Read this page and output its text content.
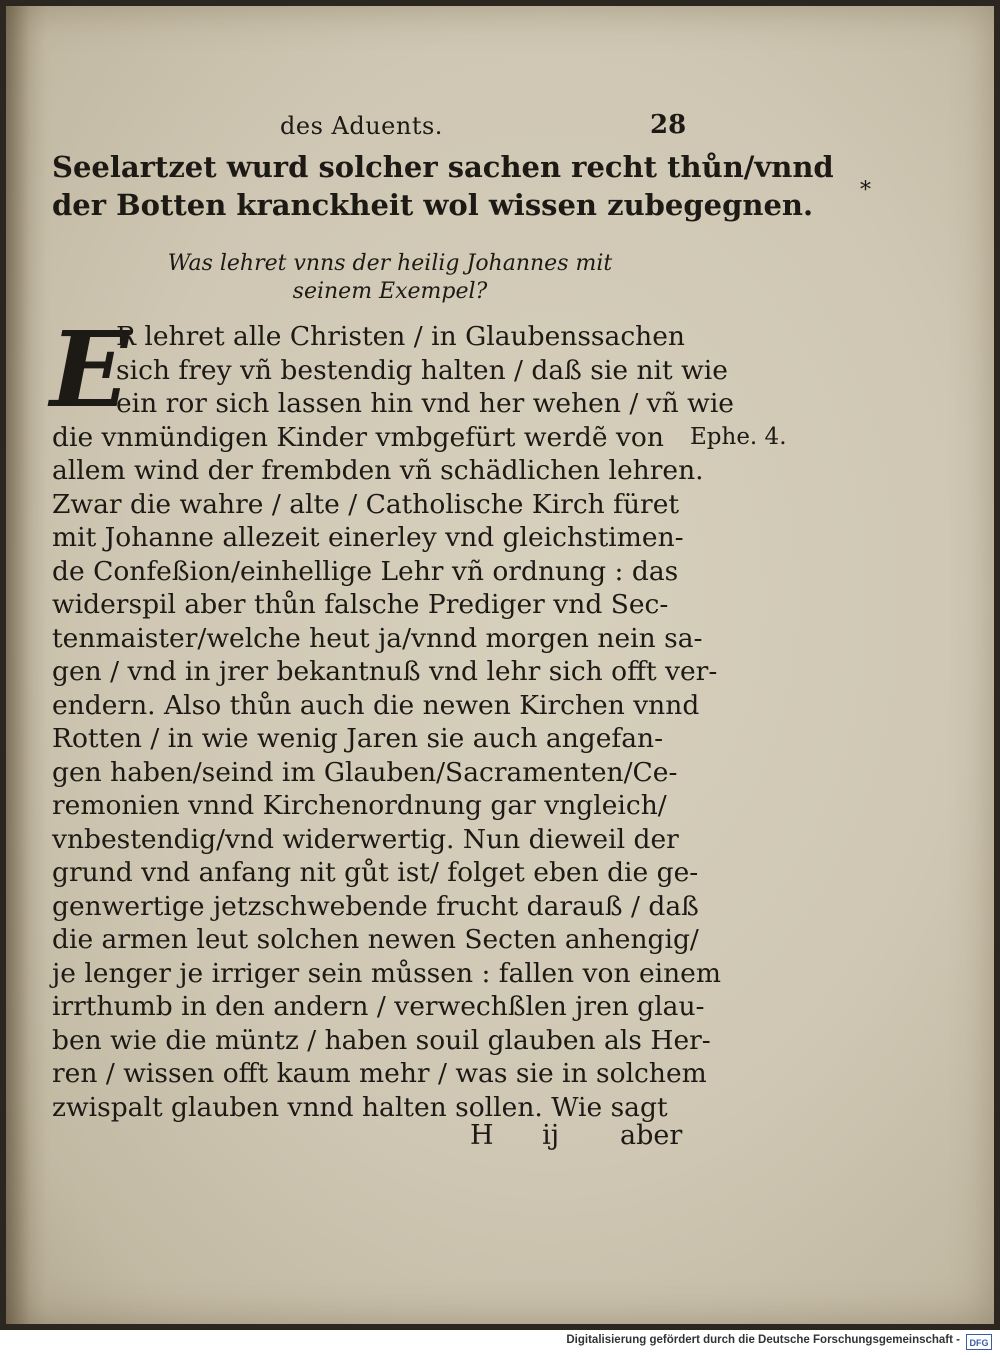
des Aduents.	28
*
Seelartzet wurd solcher sachen recht thůn/vnnd
der Botten kranckheit wol wissen zubegegnen.
Was lehret vnns der heilig Johannes mit
seinem Exempel?
E
R lehret alle Christen / in Glaubenssachen
sich frey vñ bestendig halten / daß sie nit wie
ein ror sich lassen hin vnd her wehen / vñ wie
die vnmündigen Kinder vmbgefürt werdẽ von
allem wind der frembden vñ schädlichen lehren.
Zwar die wahre / alte / Catholische Kirch füret
mit Johanne allezeit einerley vnd gleichstimen-
de Confeßion/einhellige Lehr vñ ordnung : das
widerspil aber thůn falsche Prediger vnd Sec-
tenmaister/welche heut ja/vnnd morgen nein sa-
gen / vnd in jrer bekantnuß vnd lehr sich offt ver-
endern. Also thůn auch die newen Kirchen vnnd
Rotten / in wie wenig Jaren sie auch angefan-
gen haben/seind im Glauben/Sacramenten/Ce-
remonien vnnd Kirchenordnung gar vngleich/
vnbestendig/vnd widerwertig. Nun dieweil der
grund vnd anfang nit gůt ist/ folget eben die ge-
genwertige jetzschwebende frucht darauß / daß
die armen leut solchen newen Secten anhengig/
je lenger je irriger sein můssen : fallen von einem
irrthumb in den andern / verwechßlen jren glau-
ben wie die müntz / haben souil glauben als Her-
ren / wissen offt kaum mehr / was sie in solchem
zwispalt glauben vnnd halten sollen. Wie sagt
Ephe. 4.
H ij aber
Digitalisierung gefördert durch die Deutsche Forschungsgemeinschaft -	DFG
